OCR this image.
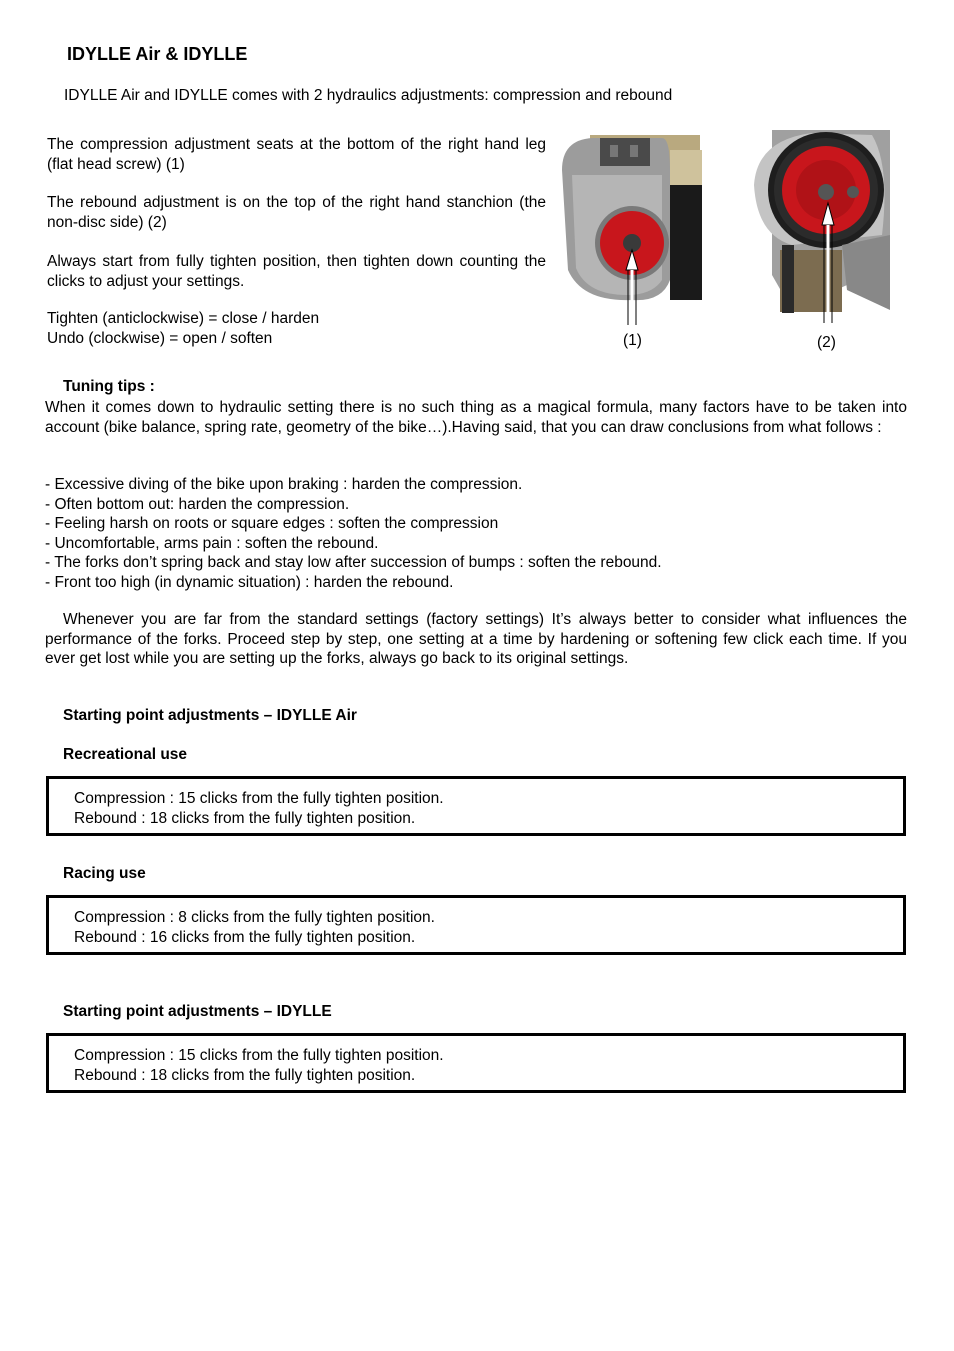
IDYLLE Air & IDYLLE
IDYLLE Air and IDYLLE comes with 2 hydraulics adjustments: compression and rebound
The compression adjustment seats at the bottom of the right hand leg (flat head screw) (1)
The rebound adjustment is on the top of the right hand stanchion (the non-disc side) (2)
Always start from fully tighten position, then tighten down counting the clicks to adjust your settings.
Tighten (anticlockwise) = close / harden
Undo (clockwise) = open / soften	(1)	(2)
Tuning tips :
When it comes down to hydraulic setting there is no such thing as a magical formula, many factors have to be taken into account (bike balance, spring rate, geometry of the bike…).Having said, that you can draw conclusions from what follows :
- Excessive diving of the bike upon braking : harden the compression.
- Often bottom out: harden the compression.
- Feeling harsh on roots or square edges : soften the compression
- Uncomfortable, arms pain : soften the rebound.
- The forks don’t spring back and stay low after succession of bumps : soften the rebound.
- Front too high (in dynamic situation) : harden the rebound.
Whenever you are far from the standard settings (factory settings) It’s always better to consider what influences the performance of the forks. Proceed step by step, one setting at a time by hardening or softening few click each time. If you ever get lost while you are setting up the forks, always go back to its original settings.
Starting point adjustments – IDYLLE Air
Recreational use
Compression : 15 clicks from the fully tighten position.
Rebound : 18 clicks from the fully tighten position.
Racing use
Compression : 8 clicks from the fully tighten position.
Rebound : 16 clicks from the fully tighten position.
Starting point adjustments – IDYLLE
Compression : 15 clicks from the fully tighten position.
Rebound : 18 clicks from the fully tighten position.
